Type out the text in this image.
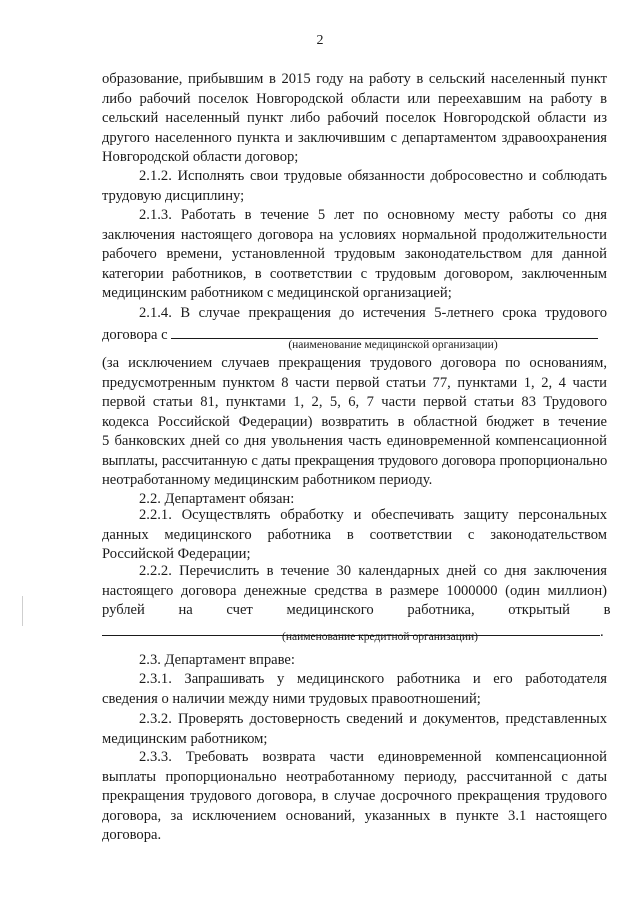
2
образование, прибывшим в 2015 году на работу в сельский населенный пункт
либо рабочий поселок Новгородской области или переехавшим на работу в
сельский населенный пункт либо рабочий поселок Новгородской области из
другого населенного пункта и заключившим с департаментом здравоохранения
Новгородской области договор;
2.1.2. Исполнять свои трудовые обязанности добросовестно и соблюдать
трудовую дисциплину;
2.1.3. Работать в течение 5 лет по основному месту работы со дня
заключения настоящего договора на условиях нормальной продолжительности
рабочего времени, установленной трудовым законодательством для данной
категории работников, в соответствии с трудовым договором, заключенным
медицинским работником с медицинской организацией;
2.1.4. В случае прекращения до истечения 5-летнего срока трудового
договора с
(наименование медицинской организации)
(за исключением случаев прекращения трудового договора по основаниям,
предусмотренным пунктом 8 части первой статьи 77, пунктами 1, 2, 4 части
первой статьи 81, пунктами 1, 2, 5, 6, 7 части первой статьи 83 Трудового
кодекса Российской Федерации) возвратить в областной бюджет в течение
5 банковских дней со дня увольнения часть единовременной компенсационной
выплаты, рассчитанную с даты прекращения трудового договора пропорционально
неотработанному медицинским работником периоду.
2.2. Департамент обязан:
2.2.1. Осуществлять обработку и обеспечивать защиту персональных
данных медицинского работника в соответствии с законодательством
Российской Федерации;
2.2.2. Перечислить в течение 30 календарных дней со дня заключения
настоящего договора денежные средства в размере 1000000 (один миллион)
рублей на счет медицинского работника, открытый в
.
(наименование кредитной организации)
2.3. Департамент вправе:
2.3.1. Запрашивать у медицинского работника и его работодателя
сведения о наличии между ними трудовых правоотношений;
2.3.2. Проверять достоверность сведений и документов, представленных
медицинским работником;
2.3.3. Требовать возврата части единовременной компенсационной
выплаты пропорционально неотработанному периоду, рассчитанной с даты
прекращения трудового договора, в случае досрочного прекращения трудового
договора, за исключением оснований, указанных в пункте 3.1 настоящего
договора.
